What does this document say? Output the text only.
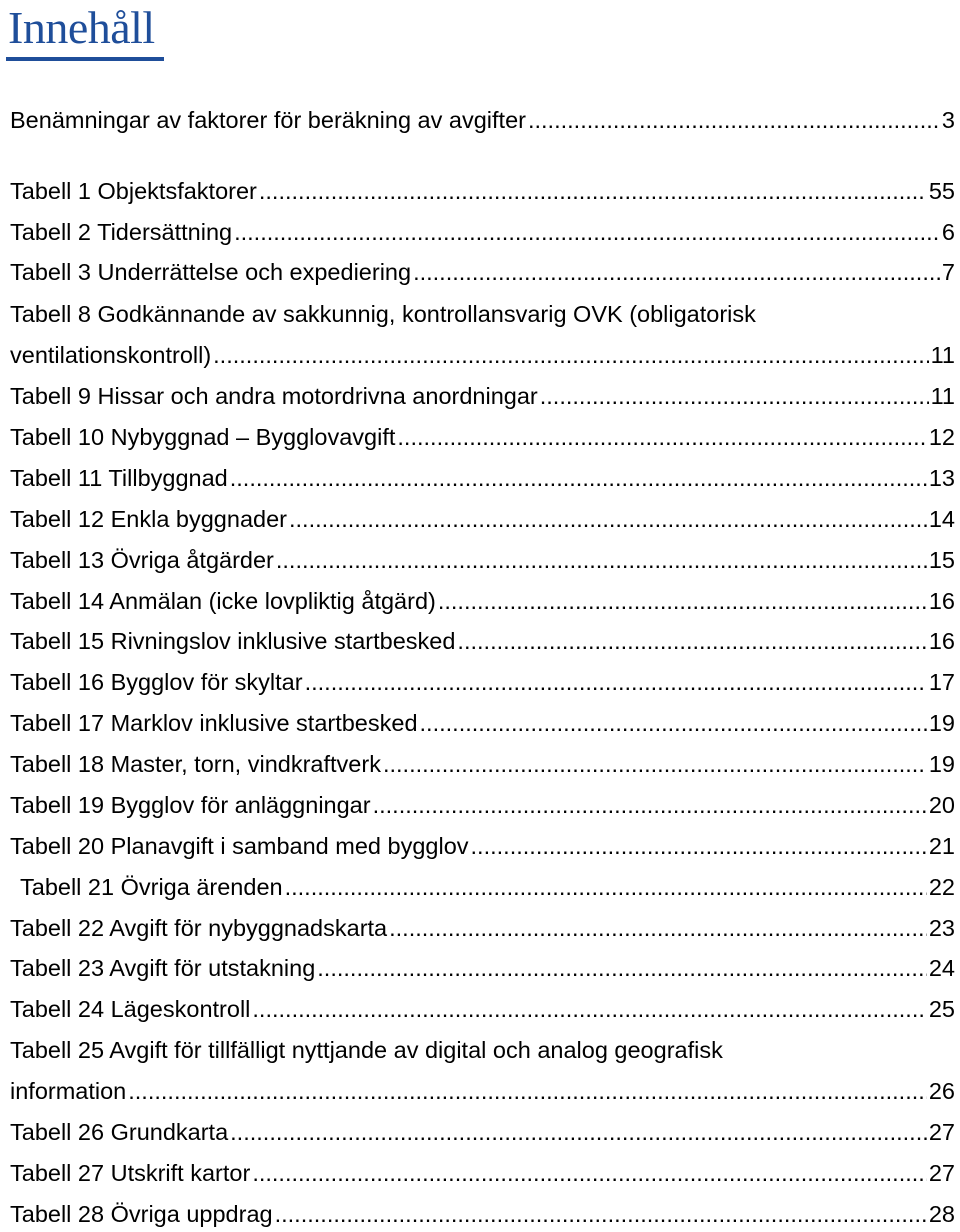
Innehåll
Benämningar av faktorer för beräkning av avgifter .....	3
Tabell 1 Objektsfaktorer .....	55
Tabell 2 Tidersättning .....	6
Tabell 3 Underrättelse och expediering .....	7
Tabell 8 Godkännande av sakkunnig, kontrollansvarig OVK (obligatorisk
ventilationskontroll) .....	11
Tabell 9 Hissar och andra motordrivna anordningar .....	11
Tabell 10 Nybyggnad – Bygglovavgift .....	12
Tabell 11 Tillbyggnad .....	13
Tabell 12 Enkla byggnader .....	14
Tabell 13 Övriga åtgärder .....	15
Tabell 14 Anmälan (icke lovpliktig åtgärd) .....	16
Tabell 15 Rivningslov inklusive startbesked .....	16
Tabell 16 Bygglov för skyltar .....	17
Tabell 17 Marklov inklusive startbesked .....	19
Tabell 18 Master, torn, vindkraftverk .....	19
Tabell 19 Bygglov för anläggningar .....	20
Tabell 20 Planavgift i samband med bygglov .....	21
Tabell 21 Övriga ärenden .....	22
Tabell 22 Avgift för nybyggnadskarta .....	23
Tabell 23 Avgift för utstakning .....	24
Tabell 24 Lägeskontroll .....	25
Tabell 25 Avgift för tillfälligt nyttjande av digital och analog geografisk
information .....	26
Tabell 26 Grundkarta .....	27
Tabell 27 Utskrift kartor .....	27
Tabell 28 Övriga uppdrag .....	28
